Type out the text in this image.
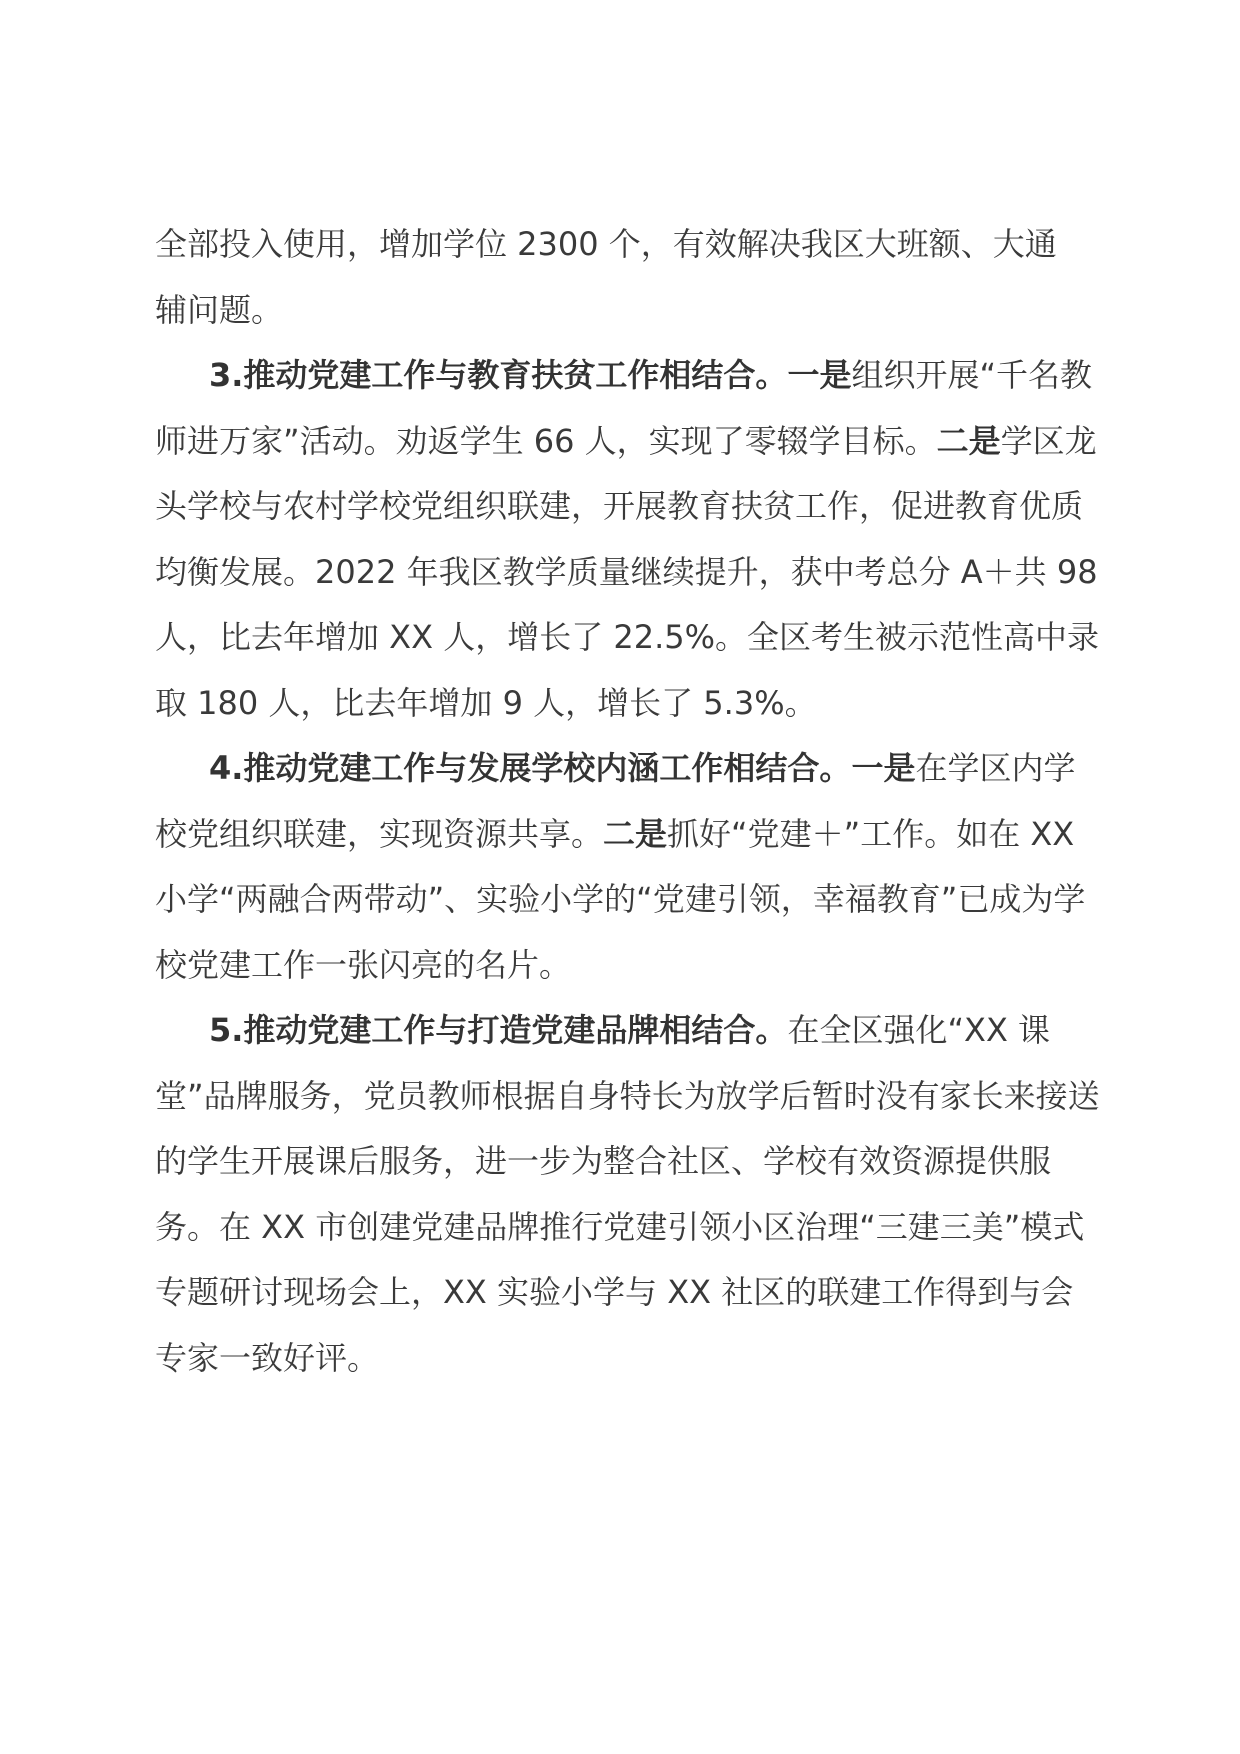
全部投入使用，增加学位 2300 个，有效解决我区大班额、大通
辅问题。

3.推动党建工作与教育扶贫工作相结合。一是组织开展“千名教师进万家”活动。劝返学生 66 人，实现了零辍学目标。二是学区龙头学校与农村学校党组织联建，开展教育扶贫工作，促进教育优质均衡发展。2022 年我区教学质量继续提升，获中考总分 A＋共 98 人，比去年增加 XX 人，增长了 22.5%。全区考生被示范性高中录取 180 人，比去年增加 9 人，增长了 5.3%。

4.推动党建工作与发展学校内涵工作相结合。一是在学区内学校党组织联建，实现资源共享。二是抓好“党建＋”工作。如在 XX 小学“两融合两带动”、实验小学的“党建引领，幸福教育”已成为学校党建工作一张闪亮的名片。

5.推动党建工作与打造党建品牌相结合。在全区强化“XX 课堂”品牌服务，党员教师根据自身特长为放学后暂时没有家长来接送的学生开展课后服务，进一步为整合社区、学校有效资源提供服务。在 XX 市创建党建品牌推行党建引领小区治理“三建三美”模式专题研讨现场会上，XX 实验小学与 XX 社区的联建工作得到与会专家一致好评。
